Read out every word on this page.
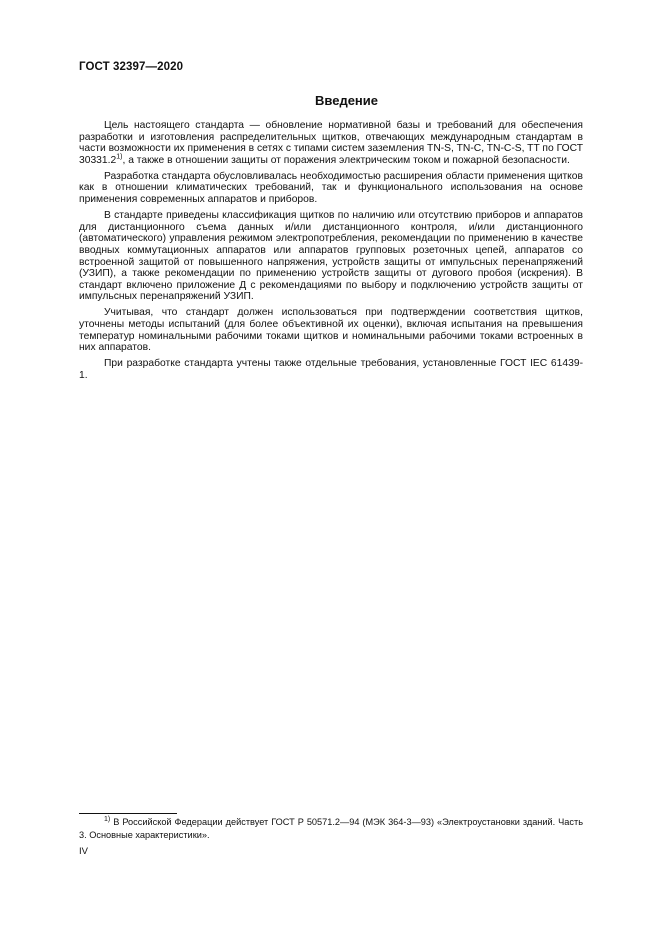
ГОСТ 32397—2020
Введение

Цель настоящего стандарта — обновление нормативной базы и требований для обеспечения разработки и изготовления распределительных щитков, отвечающих международным стандартам в части возможности их применения в сетях с типами систем заземления TN-S, TN-C, TN-C-S, TT по ГОСТ 30331.2$^{1)}$, а также в отношении защиты от поражения электрическим током и пожарной безопасности.

Разработка стандарта обусловливалась необходимостью расширения области применения щитков как в отношении климатических требований, так и функционального использования на основе применения современных аппаратов и приборов.

В стандарте приведены классификация щитков по наличию или отсутствию приборов и аппаратов для дистанционного съема данных и/или дистанционного контроля, и/или дистанционного (автоматического) управления режимом электропотребления, рекомендации по применению в качестве вводных коммутационных аппаратов или аппаратов групповых розеточных цепей, аппаратов со встроенной защитой от повышенного напряжения, устройств защиты от импульсных перенапряжений (УЗИП), а также рекомендации по применению устройств защиты от дугового пробоя (искрения). В стандарт включено приложение Д с рекомендациями по выбору и подключению устройств защиты от импульсных перенапряжений УЗИП.

Учитывая, что стандарт должен использоваться при подтверждении соответствия щитков, уточнены методы испытаний (для более объективной их оценки), включая испытания на превышения температур номинальными рабочими токами щитков и номинальными рабочими токами встроенных в них аппаратов.

При разработке стандарта учтены также отдельные требования, установленные ГОСТ IEC 61439-1.

$^{1)}$ В Российской Федерации действует ГОСТ Р 50571.2—94 (МЭК 364-3—93) «Электроустановки зданий. Часть 3. Основные характеристики».
IV
